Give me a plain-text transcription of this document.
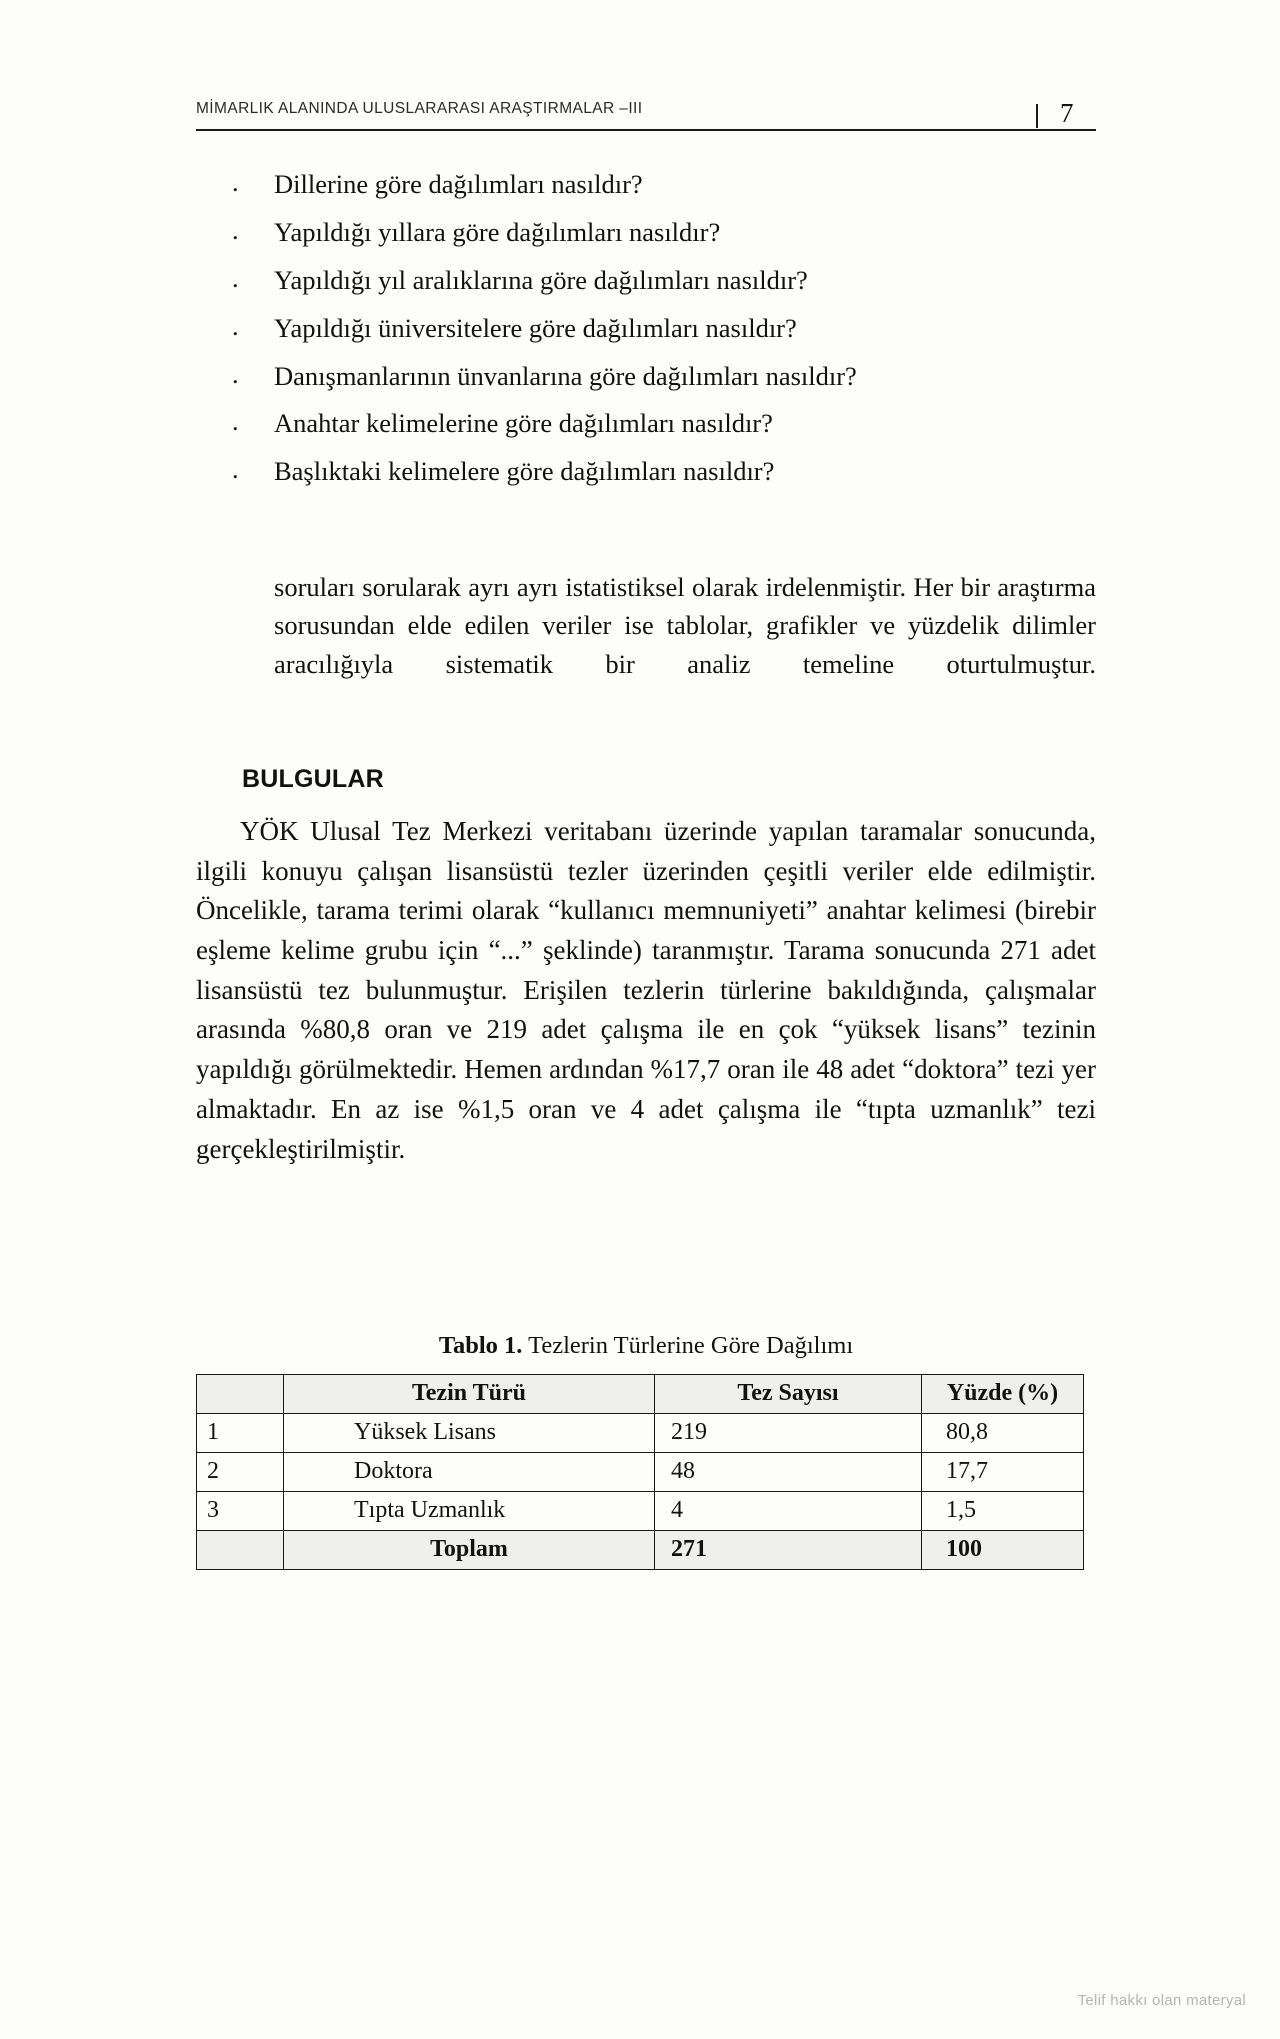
MİMARLIK ALANINDA ULUSLARARASI ARAŞTIRMALAR –III	7
.	Dillerine göre dağılımları nasıldır?
.	Yapıldığı yıllara göre dağılımları nasıldır?
.	Yapıldığı yıl aralıklarına göre dağılımları nasıldır?
.	Yapıldığı üniversitelere göre dağılımları nasıldır?
.	Danışmanlarının ünvanlarına göre dağılımları nasıldır?
.	Anahtar kelimelerine göre dağılımları nasıldır?
.	Başlıktaki kelimelere göre dağılımları nasıldır?
soruları sorularak ayrı ayrı istatistiksel olarak irdelenmiştir. Her bir araştırma sorusundan elde edilen veriler ise tablolar, grafikler ve yüzdelik dilimler aracılığıyla sistematik bir analiz temeline oturtulmuştur.
BULGULAR
YÖK Ulusal Tez Merkezi veritabanı üzerinde yapılan taramalar sonucunda, ilgili konuyu çalışan lisansüstü tezler üzerinden çeşitli veriler elde edilmiştir. Öncelikle, tarama terimi olarak “kullanıcı memnuniyeti” anahtar kelimesi (birebir eşleme kelime grubu için “...” şeklinde) taranmıştır. Tarama sonucunda 271 adet lisansüstü tez bulunmuştur. Erişilen tezlerin türlerine bakıldığında, çalışmalar arasında %80,8 oran ve 219 adet çalışma ile en çok “yüksek lisans” tezinin yapıldığı görülmektedir. Hemen ardından %17,7 oran ile 48 adet “doktora” tezi yer almaktadır. En az ise %1,5 oran ve 4 adet çalışma ile “tıpta uzmanlık” tezi gerçekleştirilmiştir.
Tablo 1. Tezlerin Türlerine Göre Dağılımı
	Tezin Türü	Tez Sayısı	Yüzde (%)
1	Yüksek Lisans	219	80,8
2	Doktora	48	17,7
3	Tıpta Uzmanlık	4	1,5
	Toplam	271	100
Telif hakkı olan materyal
